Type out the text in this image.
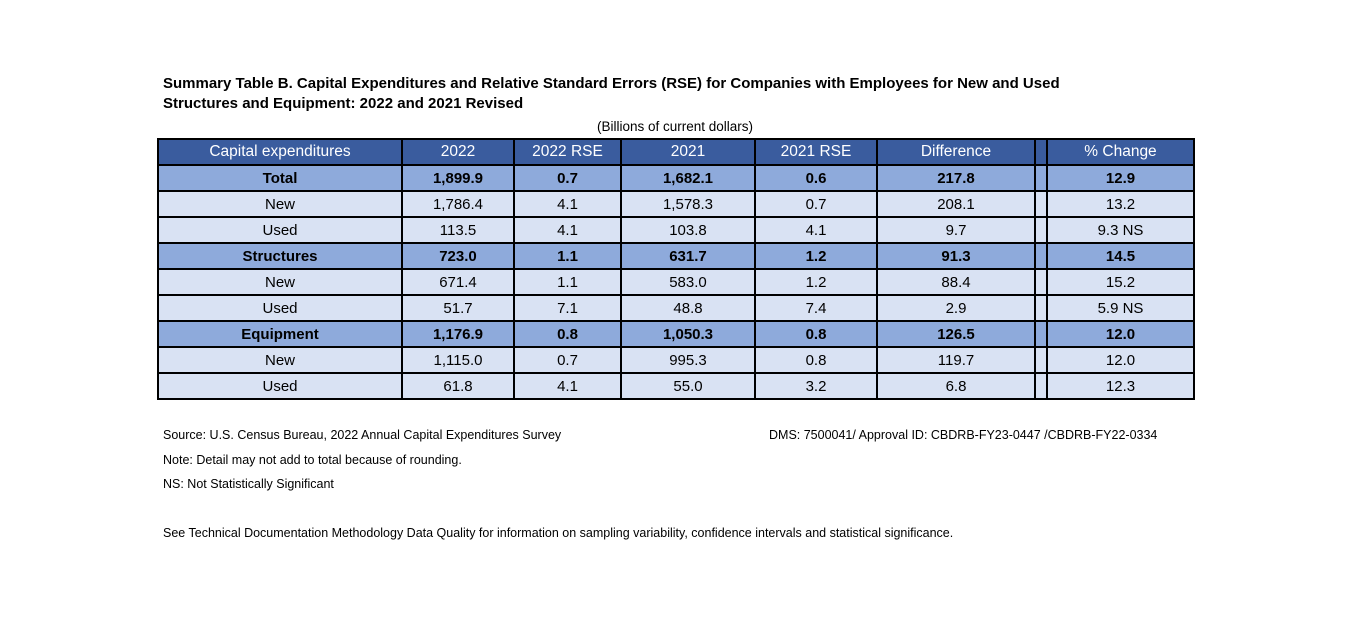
Summary Table B. Capital Expenditures and Relative Standard Errors (RSE) for Companies with Employees for New and Used
Structures and Equipment: 2022 and 2021 Revised
(Billions of current dollars)
Capital expenditures	2022	2022 RSE	2021	2021 RSE	Difference		% Change
Total	1,899.9	0.7	1,682.1	0.6	217.8		12.9
New	1,786.4	4.1	1,578.3	0.7	208.1		13.2
Used	113.5	4.1	103.8	4.1	9.7		9.3 NS
Structures	723.0	1.1	631.7	1.2	91.3		14.5
New	671.4	1.1	583.0	1.2	88.4		15.2
Used	51.7	7.1	48.8	7.4	2.9		5.9 NS
Equipment	1,176.9	0.8	1,050.3	0.8	126.5		12.0
New	1,115.0	0.7	995.3	0.8	119.7		12.0
Used	61.8	4.1	55.0	3.2	6.8		12.3
Source: U.S. Census Bureau, 2022 Annual Capital Expenditures Survey	DMS: 7500041/ Approval ID: CBDRB-FY23-0447 /CBDRB-FY22-0334
Note: Detail may not add to total because of rounding.
NS: Not Statistically Significant
See Technical Documentation Methodology Data Quality for information on sampling variability, confidence intervals and statistical significance.
